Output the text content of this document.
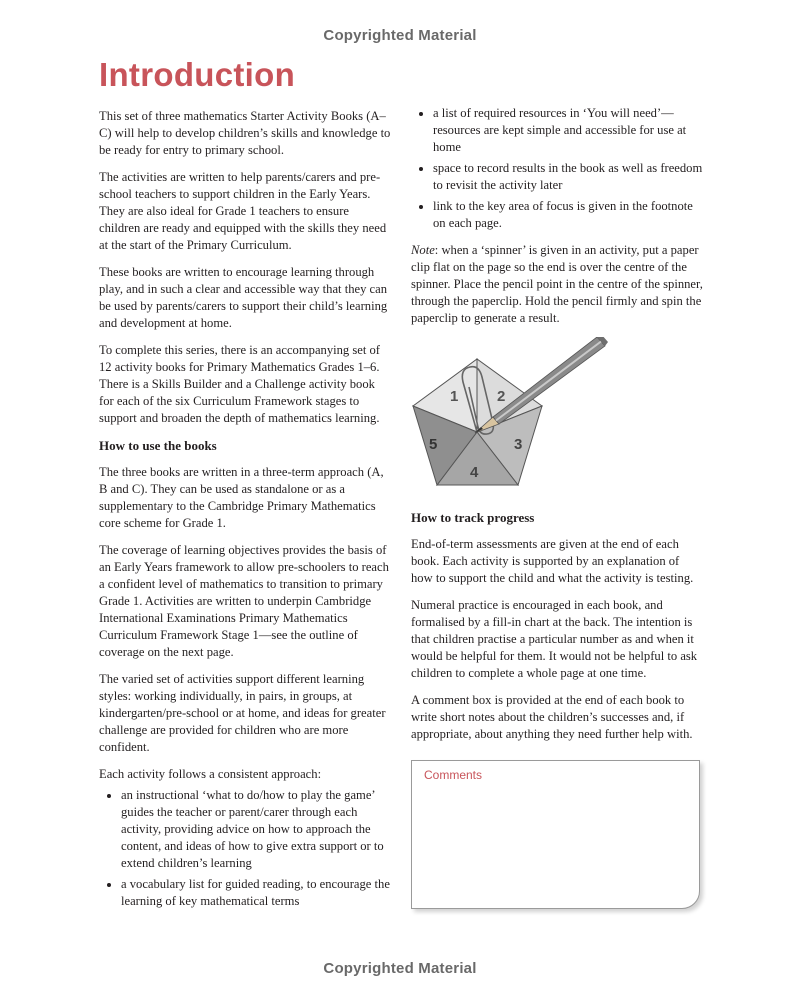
Copyrighted Material
Introduction

This set of three mathematics Starter Activity Books (A–C) will help to develop children’s skills and knowledge to be ready for entry to primary school.

The activities are written to help parents/carers and pre-school teachers to support children in the Early Years. They are also ideal for Grade 1 teachers to ensure children are ready and equipped with the skills they need at the start of the Primary Curriculum.

These books are written to encourage learning through play, and in such a clear and accessible way that they can be used by parents/carers to support their child’s learning and development at home.

To complete this series, there is an accompanying set of 12 activity books for Primary Mathematics Grades 1–6. There is a Skills Builder and a Challenge activity book for each of the six Curriculum Framework stages to support and broaden the depth of mathematics learning.

How to use the books

The three books are written in a three-term approach (A, B and C). They can be used as standalone or as a supplementary to the Cambridge Primary Mathematics core scheme for Grade 1.

The coverage of learning objectives provides the basis of an Early Years framework to allow pre-schoolers to reach a confident level of mathematics to transition to primary Grade 1. Activities are written to underpin Cambridge International Examinations Primary Mathematics Curriculum Framework Stage 1—see the outline of coverage on the next page.

The varied set of activities support different learning styles: working individually, in pairs, in groups, at kindergarten/pre-school or at home, and ideas for greater challenge are provided for children who are more confident.

Each activity follows a consistent approach:

• an instructional ‘what to do/how to play the game’ guides the teacher or parent/carer through each activity, providing advice on how to approach the content, and ideas of how to give extra support or to extend children’s learning
• a vocabulary list for guided reading, to encourage the learning of key mathematical terms
• a list of required resources in ‘You will need’—resources are kept simple and accessible for use at home
• space to record results in the book as well as freedom to revisit the activity later
• link to the key area of focus is given in the footnote on each page.

Note: when a ‘spinner’ is given in an activity, put a paper clip flat on the page so the end is over the centre of the spinner. Place the pencil point in the centre of the spinner, through the paperclip. Hold the pencil firmly and spin the paperclip to generate a result.

1	2
3
4
5
How to track progress

End-of-term assessments are given at the end of each book. Each activity is supported by an explanation of how to support the child and what the activity is testing.

Numeral practice is encouraged in each book, and formalised by a fill-in chart at the back. The intention is that children practise a particular number as and when it would be helpful for them. It would not be helpful to ask children to complete a whole page at one time.

A comment box is provided at the end of each book to write short notes about the children’s successes and, if appropriate, about anything they need further help with.

Comments
Copyrighted Material
